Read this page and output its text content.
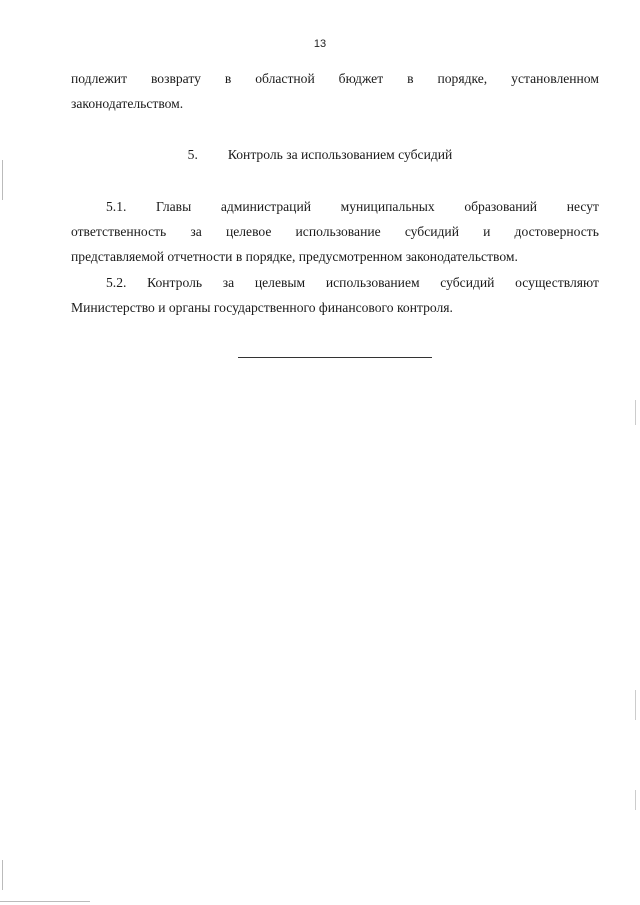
13
подлежит возврату в областной бюджет в порядке, установленном
законодательством.
5. Контроль за использованием субсидий
5.1. Главы администраций муниципальных образований несут
ответственность за целевое использование субсидий и достоверность
представляемой отчетности в порядке, предусмотренном законодательством.
5.2. Контроль за целевым использованием субсидий осуществляют
Министерство и органы государственного финансового контроля.
